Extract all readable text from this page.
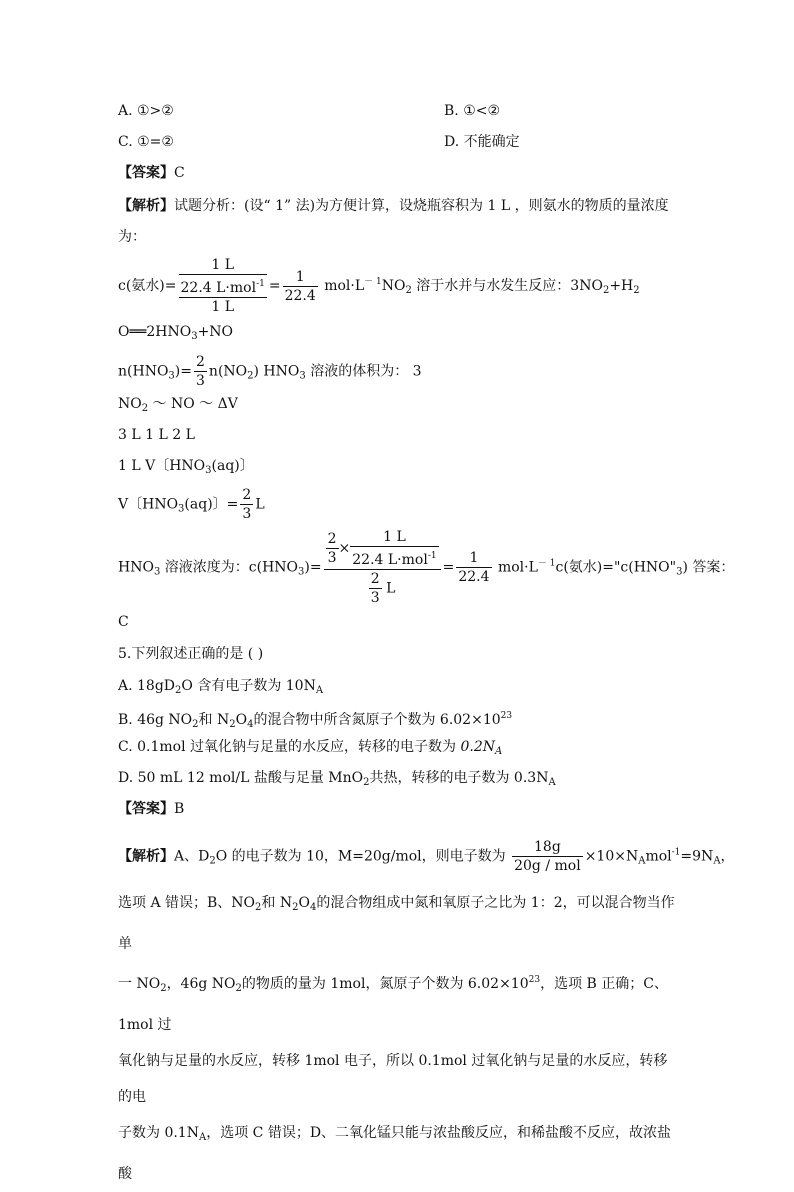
A. ①>②	B. ①<②
C. ①=②	D. 不能确定
【答案】C
【解析】试题分析：(设“ 1” 法)为方便计算，设烧瓶容积为 1 L ，则氨水的物质的量浓度
为：
c(氨水)=
1 L
22.4 L·mol$^{-1}$
1 L
= $\frac{1}{22.4} mol\cdot L^{- 1}NO_2$ 溶于水并与水发生反应：$3NO_2+H_2$
$O══2HNO_3+NO$
$n(HNO_3)= \frac{2}{3} n(NO_2)$ $HNO_3$ 溶液的体积为： 3
$NO_2$ ～ NO ～ ΔV
3 L 1 L 2 L
1 L V〔$HNO_3(aq)$〕
V〔$HNO_3(aq)$〕= $\frac{2}{3}$ L
$HNO_3$ 溶液浓度为：$c(HNO_3)= \frac{\frac{2}{3} \times \frac{1 L}{22.4 L\cdot mol^{-1}}}{\frac{2}{3} L} = \frac{1}{22.4} mol\cdot L^{- 1}c$(氨水)$="c(HNO"_3)$ 答案：
C
5.下列叙述正确的是 ( )
A. $18gD_2O$ 含有电子数为 $10N_A$
B. 46g $NO_2$和 $N_2O_4$的混合物中所含氮原子个数为 $6.02\times 10^{23}$
C. 0.1mol 过氧化钠与足量的水反应，转移的电子数为 $0.2N_A$
D. 50 mL 12 mol/L 盐酸与足量 MnO$_2$共热，转移的电子数为 $0.3N_A$
【答案】B
【解析】A、$D_2O$ 的电子数为 10，M=20g/mol，则电子数为 $\frac{18g}{\text{20g / mol}} \times 10\times N_Amol^{-1}=9N_A$，
选项 A 错误；B、$NO_2$和 $N_2O_4$的混合物组成中氮和氧原子之比为 1：2，可以混合物当作单
一 $NO_2$，46g $NO_2$的物质的量为 1mol，氮原子个数为 $6.02\times 10^{23}$，选项 B 正确；C、1mol 过
氧化钠与足量的水反应，转移 1mol 电子，所以 0.1mol 过氧化钠与足量的水反应，转移的电
子数为 $0.1N_A$，选项 C 错误；D、二氧化锰只能与浓盐酸反应，和稀盐酸不反应，故浓盐酸
